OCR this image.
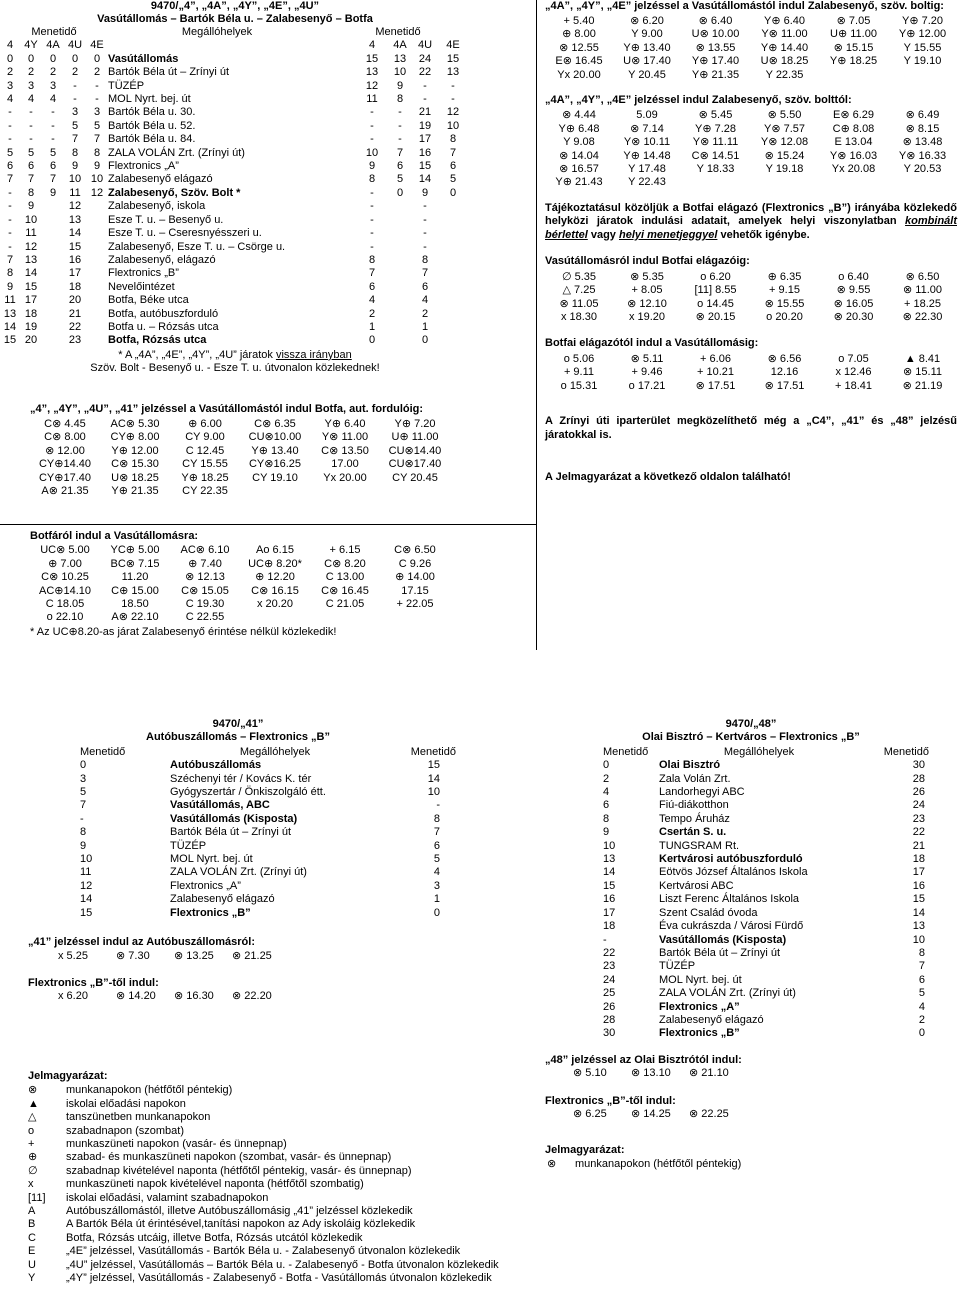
9470/„4”, „4A”, „4Y”, „4E”, „4U”
Vasútállomás – Bartók Béla u. – Zalabesenyő – Botfa
Menetidő					Megállóhelyek	Menetidő				
4	4Y	4A	4U	4E			4	4A	4U	4E
0	0	0	0	0	Vasútállomás		15	13	24	15
2	2	2	2	2	Bartók Béla út – Zrínyi út		13	10	22	13
3	3	3	-	-	TÜZÉP		12	9	-	-
4	4	4	-	-	MOL Nyrt. bej. út		11	8	-	-
-	-	-	3	3	Bartók Béla u. 30.		-	-	21	12
-	-	-	5	5	Bartók Béla u. 52.		-	-	19	10
-	-	-	7	7	Bartók Béla u. 84.		-	-	17	8
5	5	5	8	8	ZALA VOLÁN Zrt. (Zrínyi út)		10	7	16	7
6	6	6	9	9	Flextronics „A”		9	6	15	6
7	7	7	10	10	Zalabesenyő elágazó		8	5	14	5
-	8	9	11	12	Zalabesenyő, Szöv. Bolt *		-	0	9	0
-	9		12		Zalabesenyő, iskola		-		-	
-	10		13		Esze T. u. – Besenyő u.		-		-	
-	11		14		Esze T. u. – Cseresnyésszeri u.		-		-	
-	12		15		Zalabesenyő, Esze T. u. – Csörge u.		-		-	
7	13		16		Zalabesenyő, elágazó		8		8	
8	14		17		Flextronics „B”		7		7	
9	15		18		Nevelőintézet		6		6	
11	17		20		Botfa, Béke utca		4		4	
13	18		21		Botfa, autóbuszforduló		2		2	
14	19		22		Botfa u. – Rózsás utca		1		1	
15	20		23		Botfa, Rózsás utca		0		0	
* A „4A”, „4E”, „4Y”, „4U” járatok vissza irányban
Szöv. Bolt - Besenyő u. - Esze T. u. útvonalon közlekednek!
„4”, „4Y”, „4U”, „41” jelzéssel a Vasútállomástól indul Botfa, aut. fordulóig:
C⊗ 4.45	AC⊗ 5.30	⊕ 6.00	C⊗ 6.35	Y⊕ 6.40	Y⊕ 7.20
C⊗ 8.00	CY⊕ 8.00	CY 9.00	CU⊗10.00	Y⊗ 11.00	U⊕ 11.00
⊗ 12.00	Y⊕ 12.00	C 12.45	Y⊕ 13.40	C⊗ 13.50	CU⊗14.40
CY⊕14.40	C⊗ 15.30	CY 15.55	CY⊗16.25	17.00	CU⊗17.40
CY⊕17.40	U⊗ 18.25	Y⊕ 18.25	CY 19.10	Yx 20.00	CY 20.45
A⊗ 21.35	Y⊕ 21.35	CY 22.35			
Botfáról indul a Vasútállomásra:
UC⊗ 5.00	YC⊕ 5.00	AC⊗ 6.10	Ao 6.15	+ 6.15	C⊗ 6.50
⊕ 7.00	BC⊗ 7.15	⊕ 7.40	UC⊕ 8.20*	C⊗ 8.20	C 9.26
C⊗ 10.25	11.20	⊗ 12.13	⊕ 12.20	C 13.00	⊕ 14.00
AC⊕14.10	C⊕ 15.00	C⊗ 15.05	C⊗ 16.15	C⊗ 16.45	17.15
C 18.05	18.50	C 19.30	x 20.20	C 21.05	+ 22.05
o 22.10	A⊗ 22.10	C 22.55			
* Az UC⊕8.20-as járat Zalabesenyő érintése nélkül közlekedik!
„4A”, „4Y”, „4E” jelzéssel a Vasútállomástól indul Zalabesenyő, szöv. boltig:
+ 5.40	⊗ 6.20	⊗ 6.40	Y⊕ 6.40	⊗ 7.05	Y⊕ 7.20
⊕ 8.00	Y 9.00	U⊗ 10.00	Y⊗ 11.00	U⊕ 11.00	Y⊕ 12.00
⊗ 12.55	Y⊕ 13.40	⊗ 13.55	Y⊕ 14.40	⊗ 15.15	Y 15.55
E⊗ 16.45	U⊗ 17.40	Y⊕ 17.40	U⊗ 18.25	Y⊕ 18.25	Y 19.10
Yx 20.00	Y 20.45	Y⊕ 21.35	Y 22.35		
„4A”, „4Y”, „4E” jelzéssel indul Zalabesenyő, szöv. bolttól:
⊗ 4.44	5.09	⊗ 5.45	⊗ 5.50	E⊗ 6.29	⊗ 6.49
Y⊕ 6.48	⊗ 7.14	Y⊕ 7.28	Y⊗ 7.57	C⊕ 8.08	⊗ 8.15
Y 9.08	Y⊗ 10.11	Y⊗ 11.11	Y⊗ 12.08	E 13.04	⊗ 13.48
⊗ 14.04	Y⊕ 14.48	C⊗ 14.51	⊗ 15.24	Y⊗ 16.03	Y⊗ 16.33
⊗ 16.57	Y 17.48	Y 18.33	Y 19.18	Yx 20.08	Y 20.53
Y⊕ 21.43	Y 22.43				

Tájékoztatásul közöljük a Botfai elágazó (Flextronics „B”) irányába közlekedő helyközi járatok indulási adatait, amelyek helyi viszonylatban kombinált bérlettel vagy helyi menetjeggyel vehetők igénybe.

Vasútállomásról indul Botfai elágazóig:
∅ 5.35	⊗ 5.35	o 6.20	⊕ 6.35	o 6.40	⊗ 6.50
△ 7.25	+ 8.05	[11] 8.55	+ 9.15	⊗ 9.55	⊗ 11.00
⊗ 11.05	⊗ 12.10	o 14.45	⊗ 15.55	⊗ 16.05	+ 18.25
x 18.30	x 19.20	⊗ 20.15	o 20.20	⊗ 20.30	⊗ 22.30
Botfai elágazótól indul a Vasútállomásig:
o 5.06	⊗ 5.11	+ 6.06	⊗ 6.56	o 7.05	▲ 8.41
+ 9.11	+ 9.46	+ 10.21	12.16	x 12.46	⊗ 15.11
o 15.31	o 17.21	⊗ 17.51	⊗ 17.51	+ 18.41	⊗ 21.19

A Zrínyi úti iparterület megközelíthető még a „C4”, „41” és „48” jelzésű járatokkal is.

A Jelmagyarázat a következő oldalon található!

9470/„41”
Autóbuszállomás – Flextronics „B”
Menetidő	Megállóhelyek	Menetidő
0	Autóbuszállomás	15
3	Széchenyi tér / Kovács K. tér	14
5	Gyógyszertár / Önkiszolgáló étt.	10
7	Vasútállomás, ABC	-
-	Vasútállomás (Kisposta)	8
8	Bartók Béla út – Zrínyi út	7
9	TÜZÉP	6
10	MOL Nyrt. bej. út	5
11	ZALA VOLÁN Zrt. (Zrínyi út)	4
12	Flextronics „A”	3
14	Zalabesenyő elágazó	1
15	Flextronics „B”	0
„41” jelzéssel indul az Autóbuszállomásról:
x 5.25	⊗ 7.30 ⊗ 13.25 ⊗ 21.25
Flextronics „B”-től indul:
x 6.20	⊗ 14.20 ⊗ 16.30 ⊗ 22.20
Jelmagyarázat:
⊗	munkanapokon (hétfőtől péntekig)
▲	iskolai előadási napokon
△	tanszünetben munkanapokon
o	szabadnapon (szombat)
+	munkaszüneti napokon (vasár- és ünnepnap)
⊕	szabad- és munkaszüneti napokon (szombat, vasár- és ünnepnap)
∅	szabadnap kivételével naponta (hétfőtől péntekig, vasár- és ünnepnap)
x	munkaszüneti napok kivételével naponta (hétfőtől szombatig)
[11]	iskolai előadási, valamint szabadnapokon
A	Autóbuszállomástól, illetve Autóbuszállomásig „41” jelzéssel közlekedik
B	A Bartók Béla út érintésével,tanítási napokon az Ady iskoláig közlekedik
C	Botfa, Rózsás utcáig, illetve Botfa, Rózsás utcától közlekedik
E	„4E” jelzéssel, Vasútállomás - Bartók Béla u. - Zalabesenyő útvonalon közlekedik
U	„4U” jelzéssel, Vasútállomás – Bartók Béla u. - Zalabesenyő - Botfa útvonalon közlekedik
Y	„4Y” jelzéssel, Vasútállomás - Zalabesenyő - Botfa - Vasútállomás útvonalon közlekedik
9470/„48”
Olai Bisztró – Kertváros – Flextronics „B”
Menetidő	Megállóhelyek	Menetidő
0	Olai Bisztró	30
2	Zala Volán Zrt.	28
4	Landorhegyi ABC	26
6	Fiú-diákotthon	24
8	Tempo Áruház	23
9	Csertán S. u.	22
10	TUNGSRAM Rt.	21
13	Kertvárosi autóbuszforduló	18
14	Eötvös József Általános Iskola	17
15	Kertvárosi ABC	16
16	Liszt Ferenc Általános Iskola	15
17	Szent Család óvoda	14
18	Éva cukrászda / Városi Fürdő	13
-	Vasútállomás (Kisposta)	10
22	Bartók Béla út – Zrínyi út	8
23	TÜZÉP	7
24	MOL Nyrt. bej. út	6
25	ZALA VOLÁN Zrt. (Zrínyi út)	5
26	Flextronics „A”	4
28	Zalabesenyő elágazó	2
30	Flextronics „B”	0
„48” jelzéssel az Olai Bisztrótól indul:
⊗ 5.10 ⊗ 13.10 ⊗ 21.10
Flextronics „B”-től indul:
⊗ 6.25 ⊗ 14.25 ⊗ 22.25
Jelmagyarázat:
⊗ munkanapokon (hétfőtől péntekig)
